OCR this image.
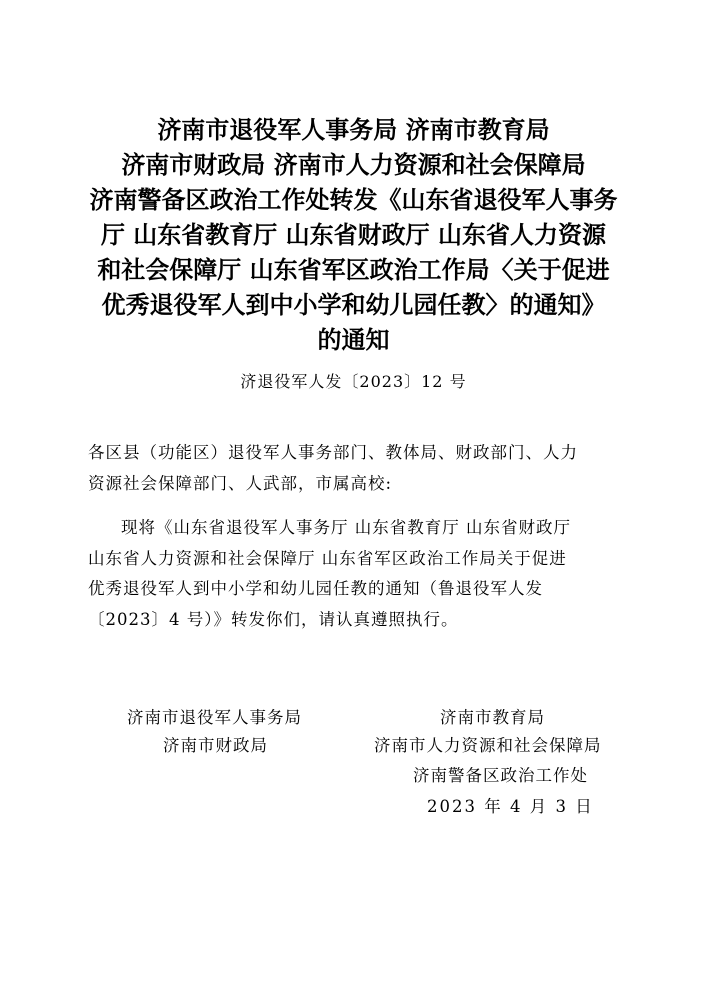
济南市退役军人事务局 济南市教育局
济南市财政局 济南市人力资源和社会保障局
济南警备区政治工作处转发《山东省退役军人事务
厅 山东省教育厅 山东省财政厅 山东省人力资源
和社会保障厅 山东省军区政治工作局〈关于促进
优秀退役军人到中小学和幼儿园任教〉的通知》
的通知
济退役军人发〔2023〕12 号
各区县（功能区）退役军人事务部门、教体局、财政部门、人力
资源社会保障部门、人武部，市属高校:
现将《山东省退役军人事务厅 山东省教育厅 山东省财政厅
山东省人力资源和社会保障厅 山东省军区政治工作局关于促进
优秀退役军人到中小学和幼儿园任教的通知（鲁退役军人发
〔2023〕4 号）》转发你们，请认真遵照执行。
济南市退役军人事务局	济南市教育局
济南市财政局	济南市人力资源和社会保障局
济南警备区政治工作处
2023 年 4 月 3 日
